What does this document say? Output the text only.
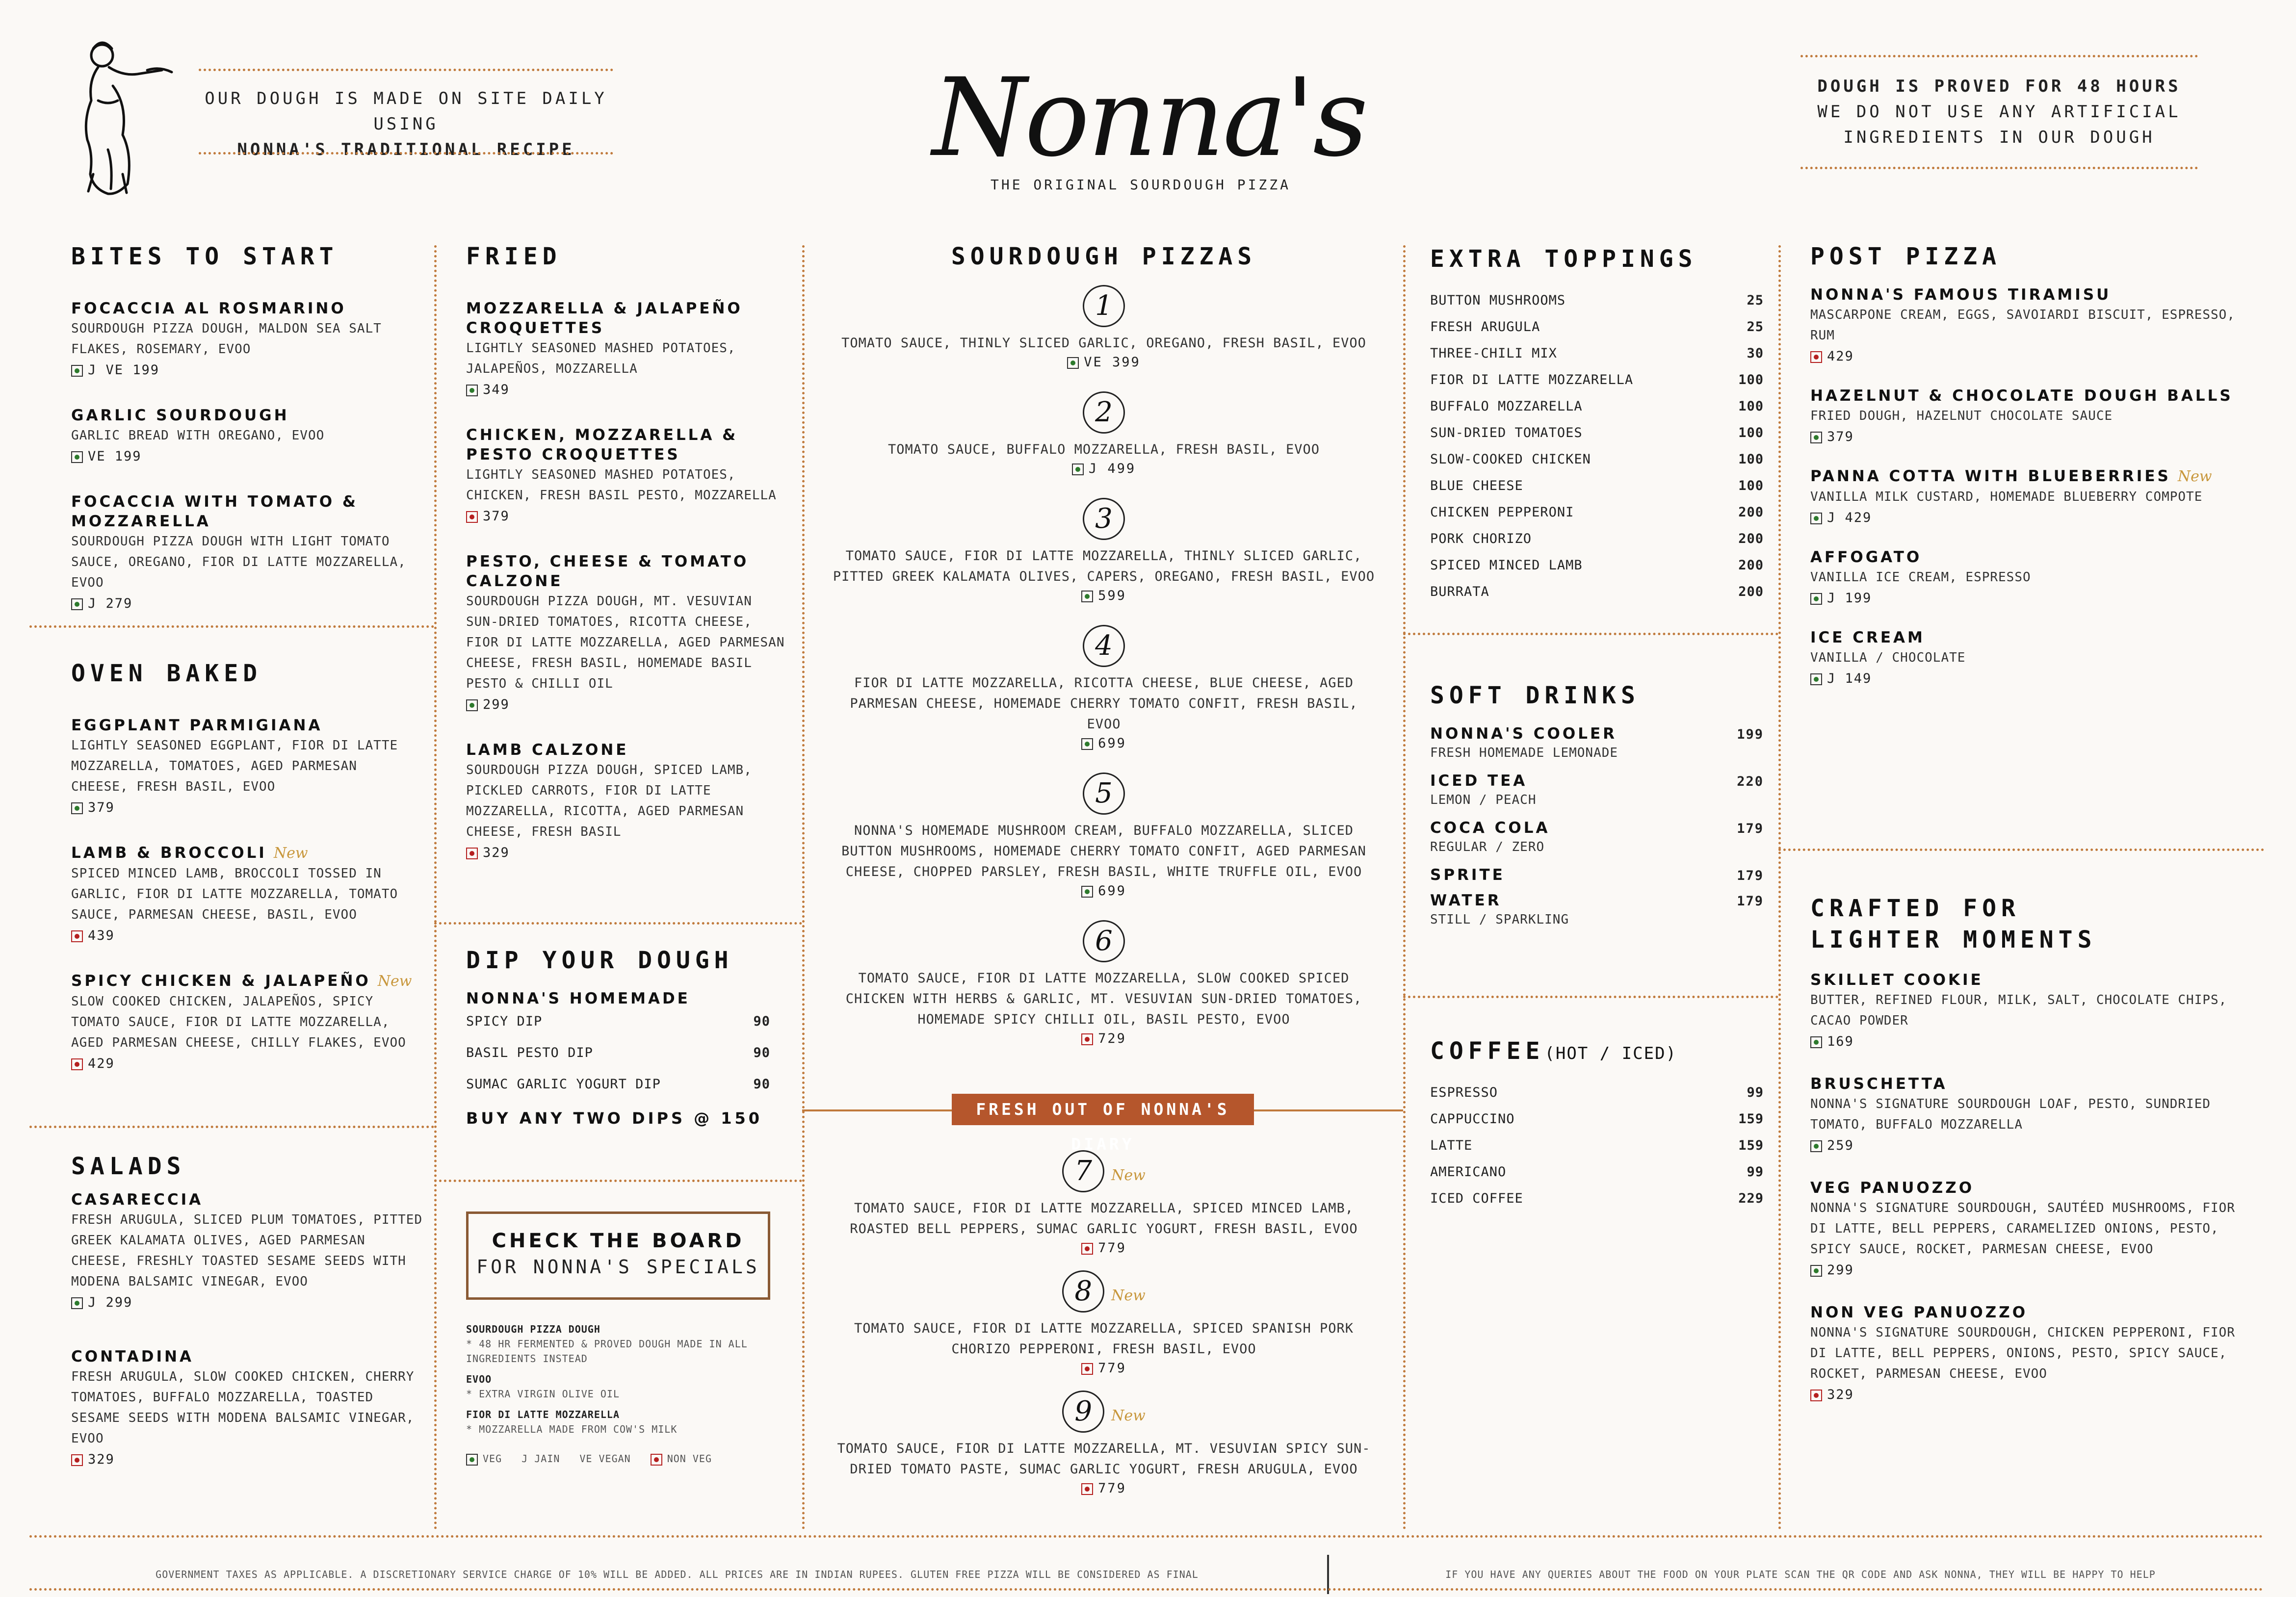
OUR DOUGH IS MADE ON SITE DAILY USING
NONNA'S TRADITIONAL RECIPE	Nonna's
THE ORIGINAL SOURDOUGH PIZZA
DOUGH IS PROVED FOR 48 HOURS
WE DO NOT USE ANY ARTIFICIAL
INGREDIENTS IN OUR DOUGH
BITES TO START
FOCACCIA AL ROSMARINO
SOURDOUGH PIZZA DOUGH, MALDON SEA SALT FLAKES, ROSEMARY, EVOO
J VE 199
GARLIC SOURDOUGH
GARLIC BREAD WITH OREGANO, EVOO
VE 199
FOCACCIA WITH TOMATO & MOZZARELLA
SOURDOUGH PIZZA DOUGH WITH LIGHT TOMATO SAUCE, OREGANO, FIOR DI LATTE MOZZARELLA, EVOO
J 279
OVEN BAKED
EGGPLANT PARMIGIANA
LIGHTLY SEASONED EGGPLANT, FIOR DI LATTE MOZZARELLA, TOMATOES, AGED PARMESAN CHEESE, FRESH BASIL, EVOO
379
LAMB & BROCCOLI New
SPICED MINCED LAMB, BROCCOLI TOSSED IN GARLIC, FIOR DI LATTE MOZZARELLA, TOMATO SAUCE, PARMESAN CHEESE, BASIL, EVOO
439
SPICY CHICKEN & JALAPEÑO New
SLOW COOKED CHICKEN, JALAPEÑOS, SPICY TOMATO SAUCE, FIOR DI LATTE MOZZARELLA, AGED PARMESAN CHEESE, CHILLY FLAKES, EVOO
429
SALADS
CASARECCIA
FRESH ARUGULA, SLICED PLUM TOMATOES, PITTED GREEK KALAMATA OLIVES, AGED PARMESAN CHEESE, FRESHLY TOASTED SESAME SEEDS WITH MODENA BALSAMIC VINEGAR, EVOO
J 299
CONTADINA
FRESH ARUGULA, SLOW COOKED CHICKEN, CHERRY TOMATOES, BUFFALO MOZZARELLA, TOASTED SESAME SEEDS WITH MODENA BALSAMIC VINEGAR, EVOO
329
FRIED
MOZZARELLA & JALAPEÑO CROQUETTES
LIGHTLY SEASONED MASHED POTATOES, JALAPEÑOS, MOZZARELLA
349
CHICKEN, MOZZARELLA & PESTO CROQUETTES
LIGHTLY SEASONED MASHED POTATOES, CHICKEN, FRESH BASIL PESTO, MOZZARELLA
379
PESTO, CHEESE & TOMATO CALZONE
SOURDOUGH PIZZA DOUGH, MT. VESUVIAN SUN-DRIED TOMATOES, RICOTTA CHEESE, FIOR DI LATTE MOZZARELLA, AGED PARMESAN CHEESE, FRESH BASIL, HOMEMADE BASIL PESTO & CHILLI OIL
299
LAMB CALZONE
SOURDOUGH PIZZA DOUGH, SPICED LAMB, PICKLED CARROTS, FIOR DI LATTE MOZZARELLA, RICOTTA, AGED PARMESAN CHEESE, FRESH BASIL
329
DIP YOUR DOUGH
NONNA'S HOMEMADE
SPICY DIP	90
BASIL PESTO DIP	90
SUMAC GARLIC YOGURT DIP	90
BUY ANY TWO DIPS @ 150
CHECK THE BOARD
FOR NONNA'S SPECIALS
SOURDOUGH PIZZA DOUGH
* 48 HR FERMENTED & PROVED DOUGH MADE IN ALL INGREDIENTS INSTEAD
EVOO
* EXTRA VIRGIN OLIVE OIL
FIOR DI LATTE MOZZARELLA
* MOZZARELLA MADE FROM COW'S MILK
VEG J JAIN VE VEGAN	NON VEG
SOURDOUGH PIZZAS
1
TOMATO SAUCE, THINLY SLICED GARLIC, OREGANO, FRESH BASIL, EVOO
VE 399
2
TOMATO SAUCE, BUFFALO MOZZARELLA, FRESH BASIL, EVOO
J 499
3
TOMATO SAUCE, FIOR DI LATTE MOZZARELLA, THINLY SLICED GARLIC, PITTED GREEK KALAMATA OLIVES, CAPERS, OREGANO, FRESH BASIL, EVOO
599
4
FIOR DI LATTE MOZZARELLA, RICOTTA CHEESE, BLUE CHEESE, AGED PARMESAN CHEESE, HOMEMADE CHERRY TOMATO CONFIT, FRESH BASIL, EVOO
699
5
NONNA'S HOMEMADE MUSHROOM CREAM, BUFFALO MOZZARELLA, SLICED BUTTON MUSHROOMS, HOMEMADE CHERRY TOMATO CONFIT, AGED PARMESAN CHEESE, CHOPPED PARSLEY, FRESH BASIL, WHITE TRUFFLE OIL, EVOO
699
6
TOMATO SAUCE, FIOR DI LATTE MOZZARELLA, SLOW COOKED SPICED CHICKEN WITH HERBS & GARLIC, MT. VESUVIAN SUN-DRIED TOMATOES, HOMEMADE SPICY CHILLI OIL, BASIL PESTO, EVOO
729
FRESH OUT OF NONNA'S DIARY
7 New
TOMATO SAUCE, FIOR DI LATTE MOZZARELLA, SPICED MINCED LAMB, ROASTED BELL PEPPERS, SUMAC GARLIC YOGURT, FRESH BASIL, EVOO
779
8 New
TOMATO SAUCE, FIOR DI LATTE MOZZARELLA, SPICED SPANISH PORK CHORIZO PEPPERONI, FRESH BASIL, EVOO
779
9 New
TOMATO SAUCE, FIOR DI LATTE MOZZARELLA, MT. VESUVIAN SPICY SUN-DRIED TOMATO PASTE, SUMAC GARLIC YOGURT, FRESH ARUGULA, EVOO
779
EXTRA TOPPINGS
BUTTON MUSHROOMS	25
FRESH ARUGULA	25
THREE-CHILI MIX	30
FIOR DI LATTE MOZZARELLA	100
BUFFALO MOZZARELLA	100
SUN-DRIED TOMATOES	100
SLOW-COOKED CHICKEN	100
BLUE CHEESE	100
CHICKEN PEPPERONI	200
PORK CHORIZO	200
SPICED MINCED LAMB	200
BURRATA	200
SOFT DRINKS
NONNA'S COOLER	199
FRESH HOMEMADE LEMONADE
ICED TEA	220
LEMON / PEACH
COCA COLA	179
REGULAR / ZERO
SPRITE	179
WATER	179
STILL / SPARKLING
COFFEE(HOT / ICED)
ESPRESSO	99
CAPPUCCINO	159
LATTE	159
AMERICANO	99
ICED COFFEE	229
POST PIZZA
NONNA'S FAMOUS TIRAMISU
MASCARPONE CREAM, EGGS, SAVOIARDI BISCUIT, ESPRESSO, RUM
429
HAZELNUT & CHOCOLATE DOUGH BALLS
FRIED DOUGH, HAZELNUT CHOCOLATE SAUCE
379
PANNA COTTA WITH BLUEBERRIES New
VANILLA MILK CUSTARD, HOMEMADE BLUEBERRY COMPOTE
J 429
AFFOGATO
VANILLA ICE CREAM, ESPRESSO
J 199
ICE CREAM
VANILLA / CHOCOLATE
J 149
CRAFTED FOR
LIGHTER MOMENTS
SKILLET COOKIE
BUTTER, REFINED FLOUR, MILK, SALT, CHOCOLATE CHIPS, CACAO POWDER
169
BRUSCHETTA
NONNA'S SIGNATURE SOURDOUGH LOAF, PESTO, SUNDRIED TOMATO, BUFFALO MOZZARELLA
259
VEG PANUOZZO
NONNA'S SIGNATURE SOURDOUGH, SAUTÉED MUSHROOMS, FIOR DI LATTE, BELL PEPPERS, CARAMELIZED ONIONS, PESTO, SPICY SAUCE, ROCKET, PARMESAN CHEESE, EVOO
299
NON VEG PANUOZZO
NONNA'S SIGNATURE SOURDOUGH, CHICKEN PEPPERONI, FIOR DI LATTE, BELL PEPPERS, ONIONS, PESTO, SPICY SAUCE, ROCKET, PARMESAN CHEESE, EVOO
329
GOVERNMENT TAXES AS APPLICABLE. A DISCRETIONARY SERVICE CHARGE OF 10% WILL BE ADDED. ALL PRICES ARE IN INDIAN RUPEES. GLUTEN FREE PIZZA WILL BE CONSIDERED AS FINAL	IF YOU HAVE ANY QUERIES ABOUT THE FOOD ON YOUR PLATE SCAN THE QR CODE AND ASK NONNA, THEY WILL BE HAPPY TO HELP
